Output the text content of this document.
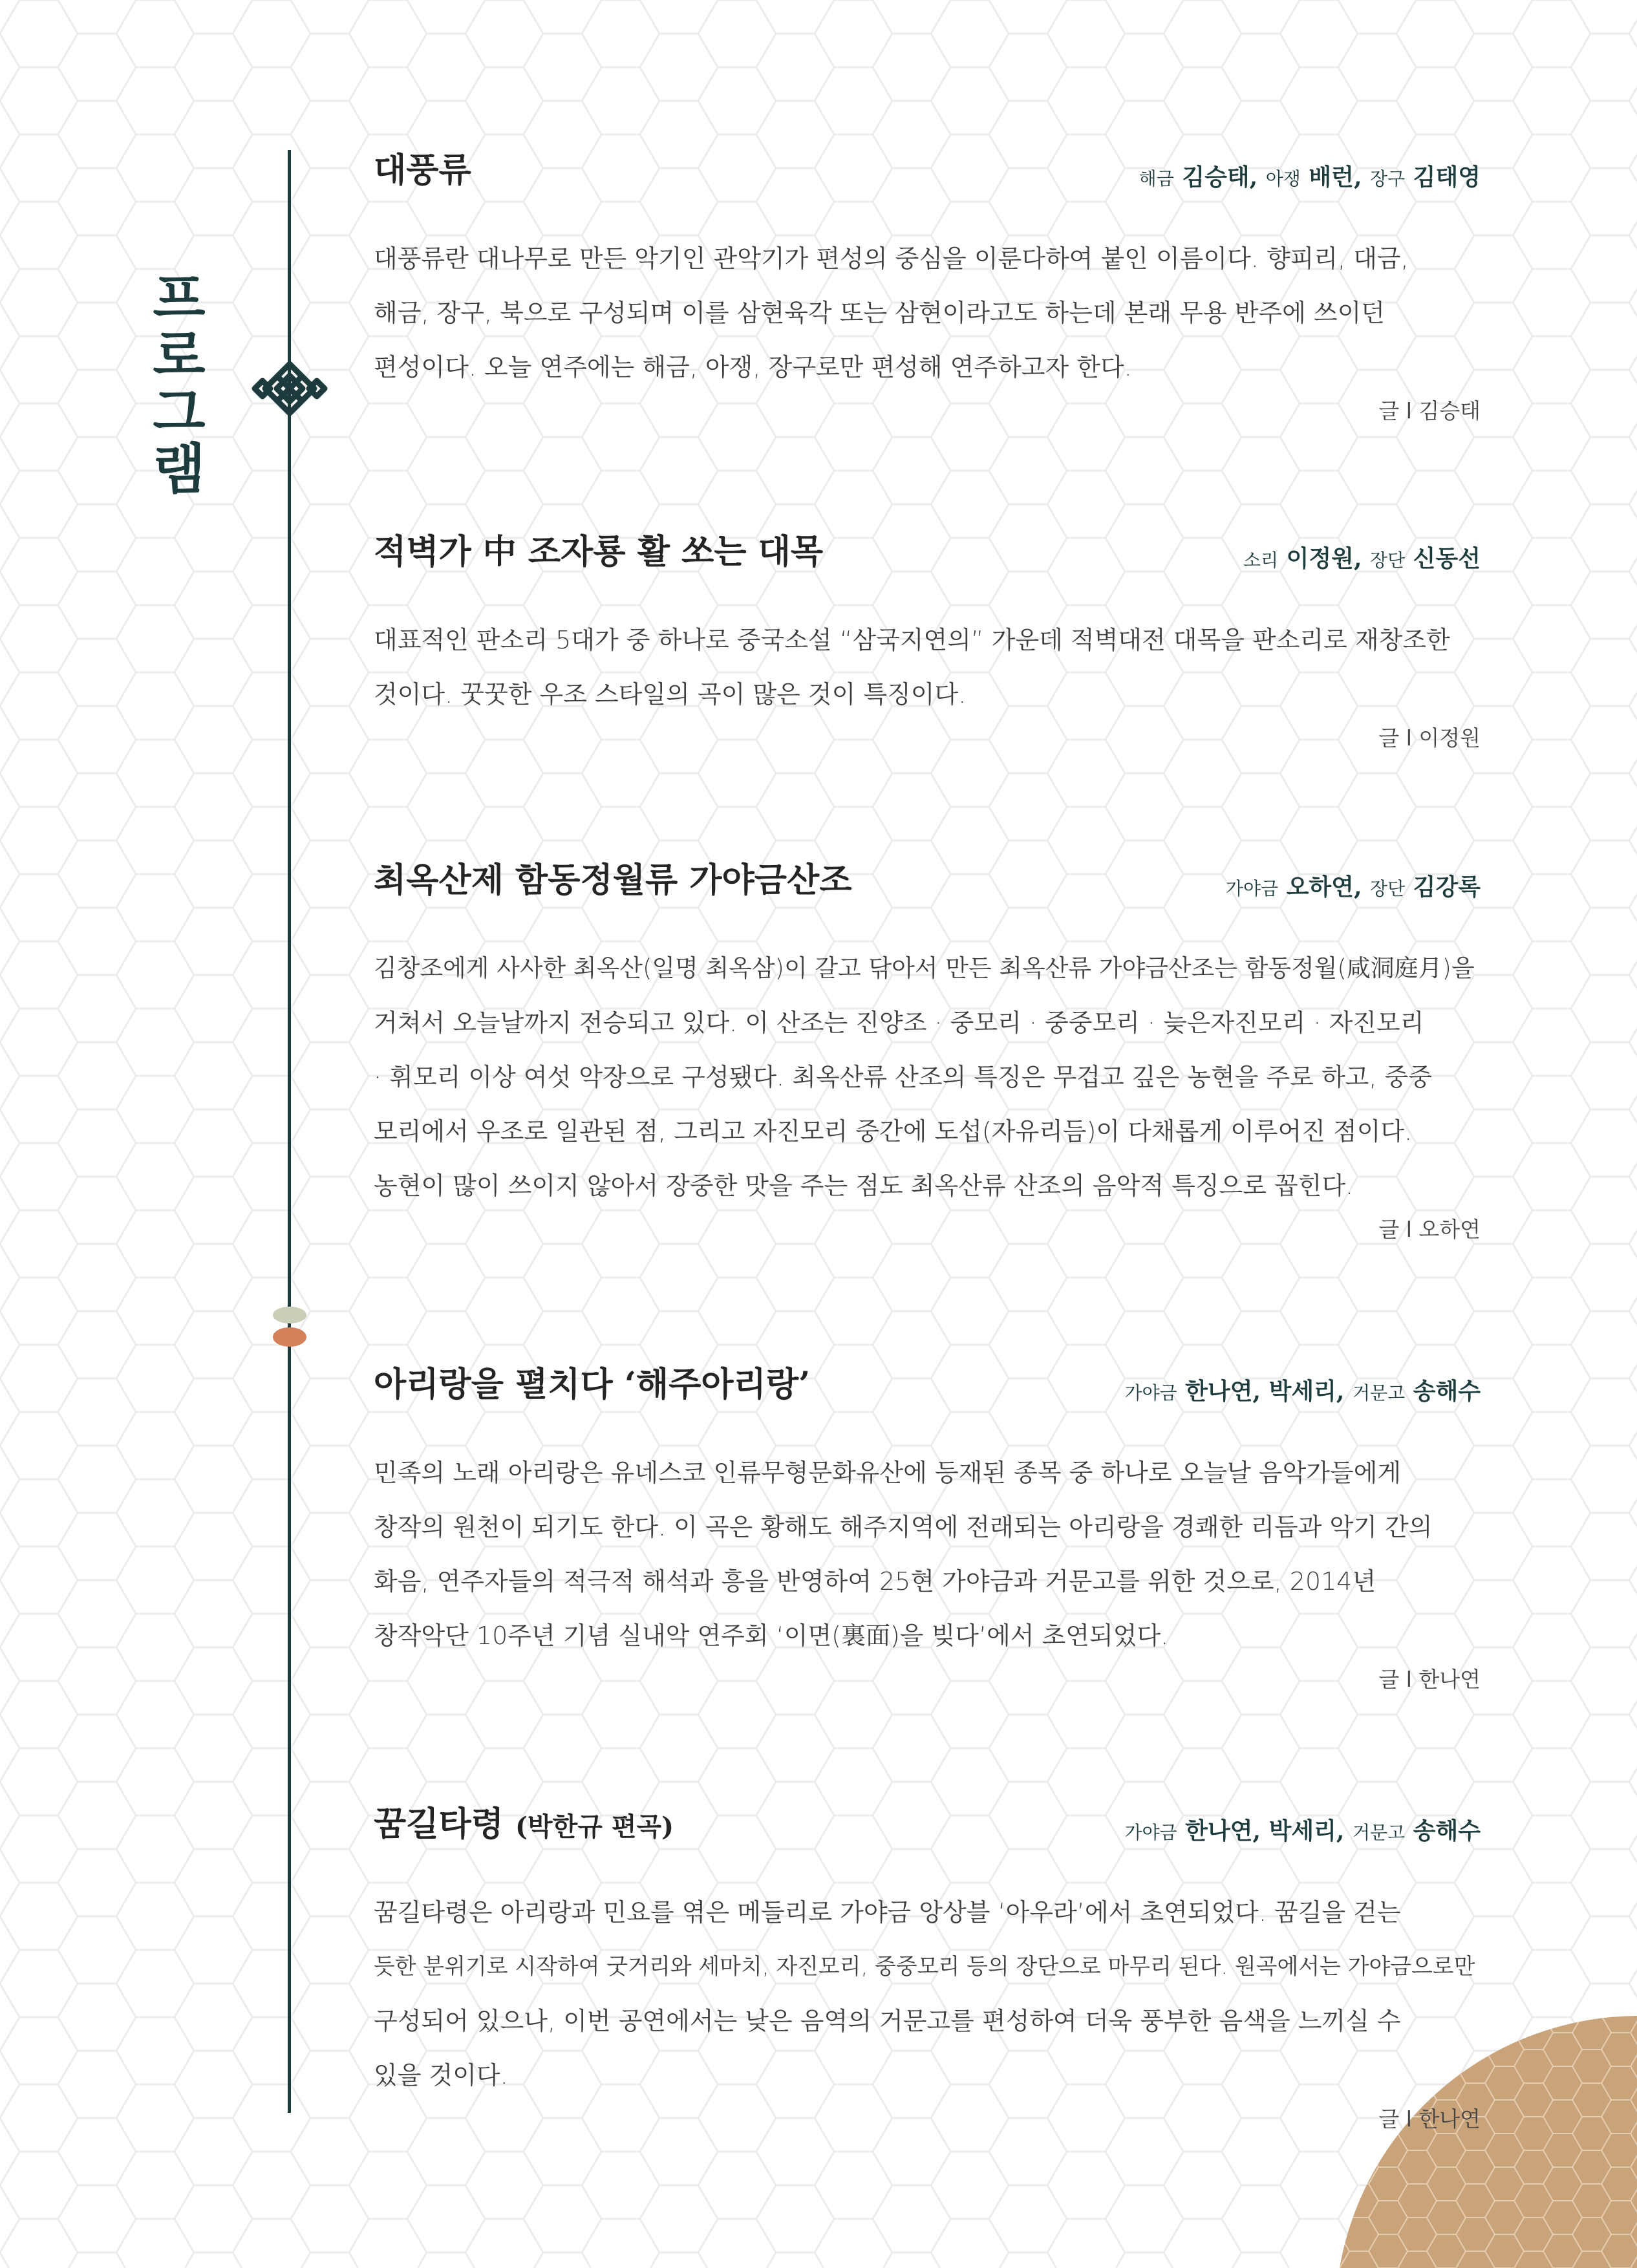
프
로
그
램
대풍류	해금 김승태, 아쟁 배런, 장구 김태영
대풍류란 대나무로 만든 악기인 관악기가 편성의 중심을 이룬다하여 붙인 이름이다. 향피리, 대금,
해금, 장구, 북으로 구성되며 이를 삼현육각 또는 삼현이라고도 하는데 본래 무용 반주에 쓰이던
편성이다. 오늘 연주에는 해금, 아쟁, 장구로만 편성해 연주하고자 한다.
글 l 김승태
적벽가 中 조자룡 활 쏘는 대목	소리 이정원, 장단 신동선
대표적인 판소리 5대가 중 하나로 중국소설 “삼국지연의” 가운데 적벽대전 대목을 판소리로 재창조한
것이다. 꿋꿋한 우조 스타일의 곡이 많은 것이 특징이다.
글 l 이정원
최옥산제 함동정월류 가야금산조	가야금 오하연, 장단 김강록
김창조에게 사사한 최옥산(일명 최옥삼)이 갈고 닦아서 만든 최옥산류 가야금산조는 함동정월(咸洞庭月)을
거쳐서 오늘날까지 전승되고 있다. 이 산조는 진양조 · 중모리 · 중중모리 · 늦은자진모리 · 자진모리
· 휘모리 이상 여섯 악장으로 구성됐다. 최옥산류 산조의 특징은 무겁고 깊은 농현을 주로 하고, 중중
모리에서 우조로 일관된 점, 그리고 자진모리 중간에 도섭(자유리듬)이 다채롭게 이루어진 점이다.
농현이 많이 쓰이지 않아서 장중한 맛을 주는 점도 최옥산류 산조의 음악적 특징으로 꼽힌다.
글 l 오하연
아리랑을 펼치다 ‘해주아리랑’	가야금 한나연, 박세리, 거문고 송해수
민족의 노래 아리랑은 유네스코 인류무형문화유산에 등재된 종목 중 하나로 오늘날 음악가들에게
창작의 원천이 되기도 한다. 이 곡은 황해도 해주지역에 전래되는 아리랑을 경쾌한 리듬과 악기 간의
화음, 연주자들의 적극적 해석과 흥을 반영하여 25현 가야금과 거문고를 위한 것으로, 2014년
창작악단 10주년 기념 실내악 연주회 ‘이면(裏面)을 빚다’에서 초연되었다.
글 l 한나연
꿈길타령 (박한규 편곡)	가야금 한나연, 박세리, 거문고 송해수
꿈길타령은 아리랑과 민요를 엮은 메들리로 가야금 앙상블 ‘아우라’에서 초연되었다. 꿈길을 걷는
듯한 분위기로 시작하여 굿거리와 세마치, 자진모리, 중중모리 등의 장단으로 마무리 된다. 원곡에서는 가야금으로만
구성되어 있으나, 이번 공연에서는 낮은 음역의 거문고를 편성하여 더욱 풍부한 음색을 느끼실 수
있을 것이다.
글 l 한나연
